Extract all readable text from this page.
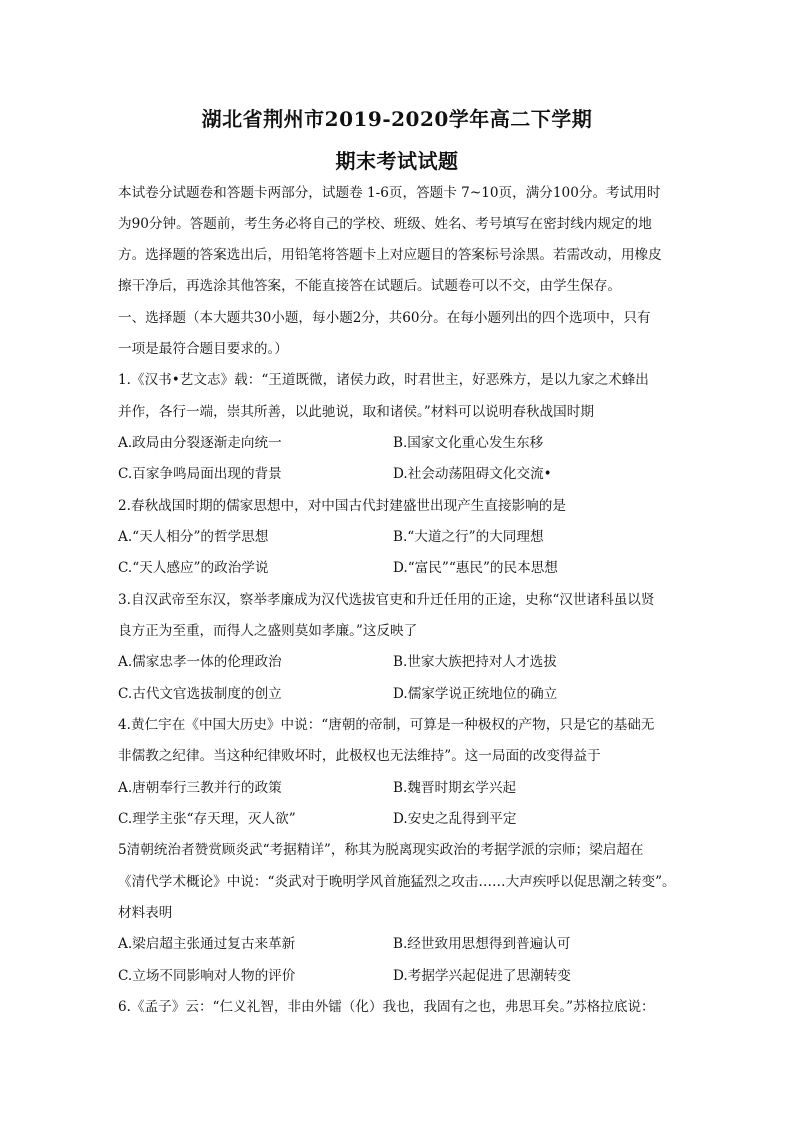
湖北省荆州市2019-2020学年高二下学期
期末考试试题
本试卷分试题卷和答题卡两部分，试题卷 1-6页，答题卡 7~10页，满分100分。考试用时
为90分钟。答题前，考生务必将自己的学校、班级、姓名、考号填写在密封线内规定的地
方。选择题的答案选出后，用铅笔将答题卡上对应题目的答案标号涂黑。若需改动，用橡皮
擦干净后，再选涂其他答案，不能直接答在试题后。试题卷可以不交，由学生保存。
一、选择题（本大题共30小题，每小题2分，共60分。在每小题列出的四个选项中，只有
一项是最符合题目要求的。）
1.《汉书•艺文志》载：“王道既微，诸侯力政，时君世主，好恶殊方，是以九家之术蜂出
并作，各行一端，崇其所善，以此驰说，取和诸侯。”材料可以说明春秋战国时期
A.政局由分裂逐渐走向统一	B.国家文化重心发生东移
C.百家争鸣局面出现的背景	D.社会动荡阻碍文化交流•
2.春秋战国时期的儒家思想中，对中国古代封建盛世出现产生直接影响的是
A.“天人相分”的哲学思想	B.“大道之行”的大同理想
C.“天人感应”的政治学说	D.“富民”“惠民”的民本思想
3.自汉武帝至东汉，察举孝廉成为汉代选拔官吏和升迁任用的正途，史称“汉世诸科虽以贤
良方正为至重，而得人之盛则莫如孝廉。”这反映了
A.儒家忠孝一体的伦理政治	B.世家大族把持对人才选拔
C.古代文官选拔制度的创立	D.儒家学说正统地位的确立
4.黄仁宇在《中国大历史》中说：“唐朝的帝制，可算是一种极权的产物，只是它的基础无
非儒教之纪律。当这种纪律败坏时，此极权也无法维持”。这一局面的改变得益于
A.唐朝奉行三教并行的政策	B.魏晋时期玄学兴起
C.理学主张“存天理，灭人欲”	D.安史之乱得到平定
5清朝统治者赞赏顾炎武“考据精详”，称其为脱离现实政治的考据学派的宗师；梁启超在
《清代学术概论》中说：“炎武对于晚明学风首施猛烈之攻击……大声疾呼以促思潮之转变”。
材料表明
A.梁启超主张通过复古来革新	B.经世致用思想得到普遍认可
C.立场不同影响对人物的评价	D.考据学兴起促进了思潮转变
6.《孟子》云：“仁义礼智，非由外镭（化）我也，我固有之也，弗思耳矣。”苏格拉底说：
